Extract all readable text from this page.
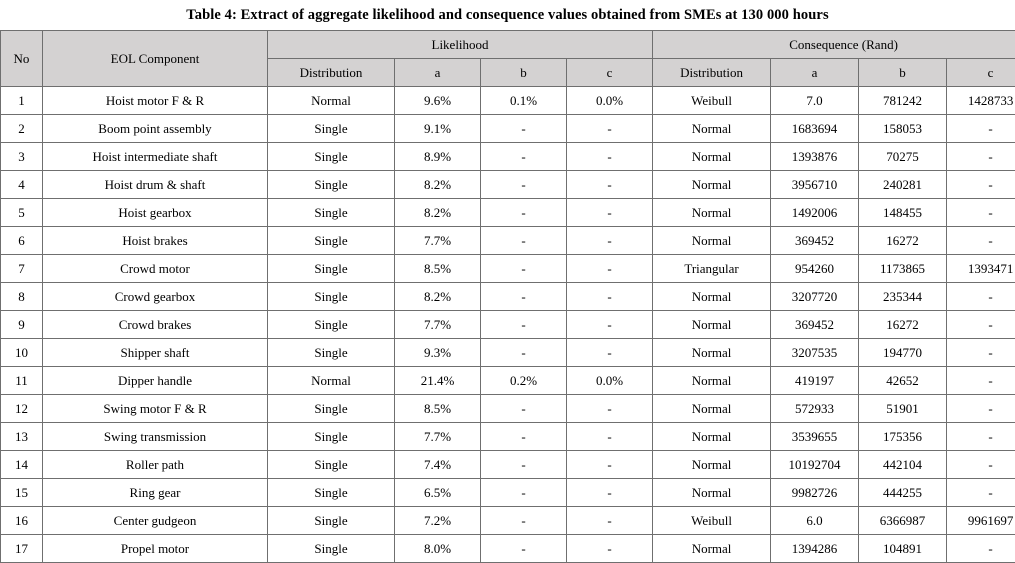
Table 4: Extract of aggregate likelihood and consequence values obtained from SMEs at 130 000 hours
No	EOL Component	Likelihood				Consequence (Rand)			
		Distribution	a	b	c	Distribution	a	b	c
1	Hoist motor F & R	Normal	9.6%	0.1%	0.0%	Weibull	7.0	781242	1428733
2	Boom point assembly	Single	9.1%	-	-	Normal	1683694	158053	-
3	Hoist intermediate shaft	Single	8.9%	-	-	Normal	1393876	70275	-
4	Hoist drum & shaft	Single	8.2%	-	-	Normal	3956710	240281	-
5	Hoist gearbox	Single	8.2%	-	-	Normal	1492006	148455	-
6	Hoist brakes	Single	7.7%	-	-	Normal	369452	16272	-
7	Crowd motor	Single	8.5%	-	-	Triangular	954260	1173865	1393471
8	Crowd gearbox	Single	8.2%	-	-	Normal	3207720	235344	-
9	Crowd brakes	Single	7.7%	-	-	Normal	369452	16272	-
10	Shipper shaft	Single	9.3%	-	-	Normal	3207535	194770	-
11	Dipper handle	Normal	21.4%	0.2%	0.0%	Normal	419197	42652	-
12	Swing motor F & R	Single	8.5%	-	-	Normal	572933	51901	-
13	Swing transmission	Single	7.7%	-	-	Normal	3539655	175356	-
14	Roller path	Single	7.4%	-	-	Normal	10192704	442104	-
15	Ring gear	Single	6.5%	-	-	Normal	9982726	444255	-
16	Center gudgeon	Single	7.2%	-	-	Weibull	6.0	6366987	9961697
17	Propel motor	Single	8.0%	-	-	Normal	1394286	104891	-
